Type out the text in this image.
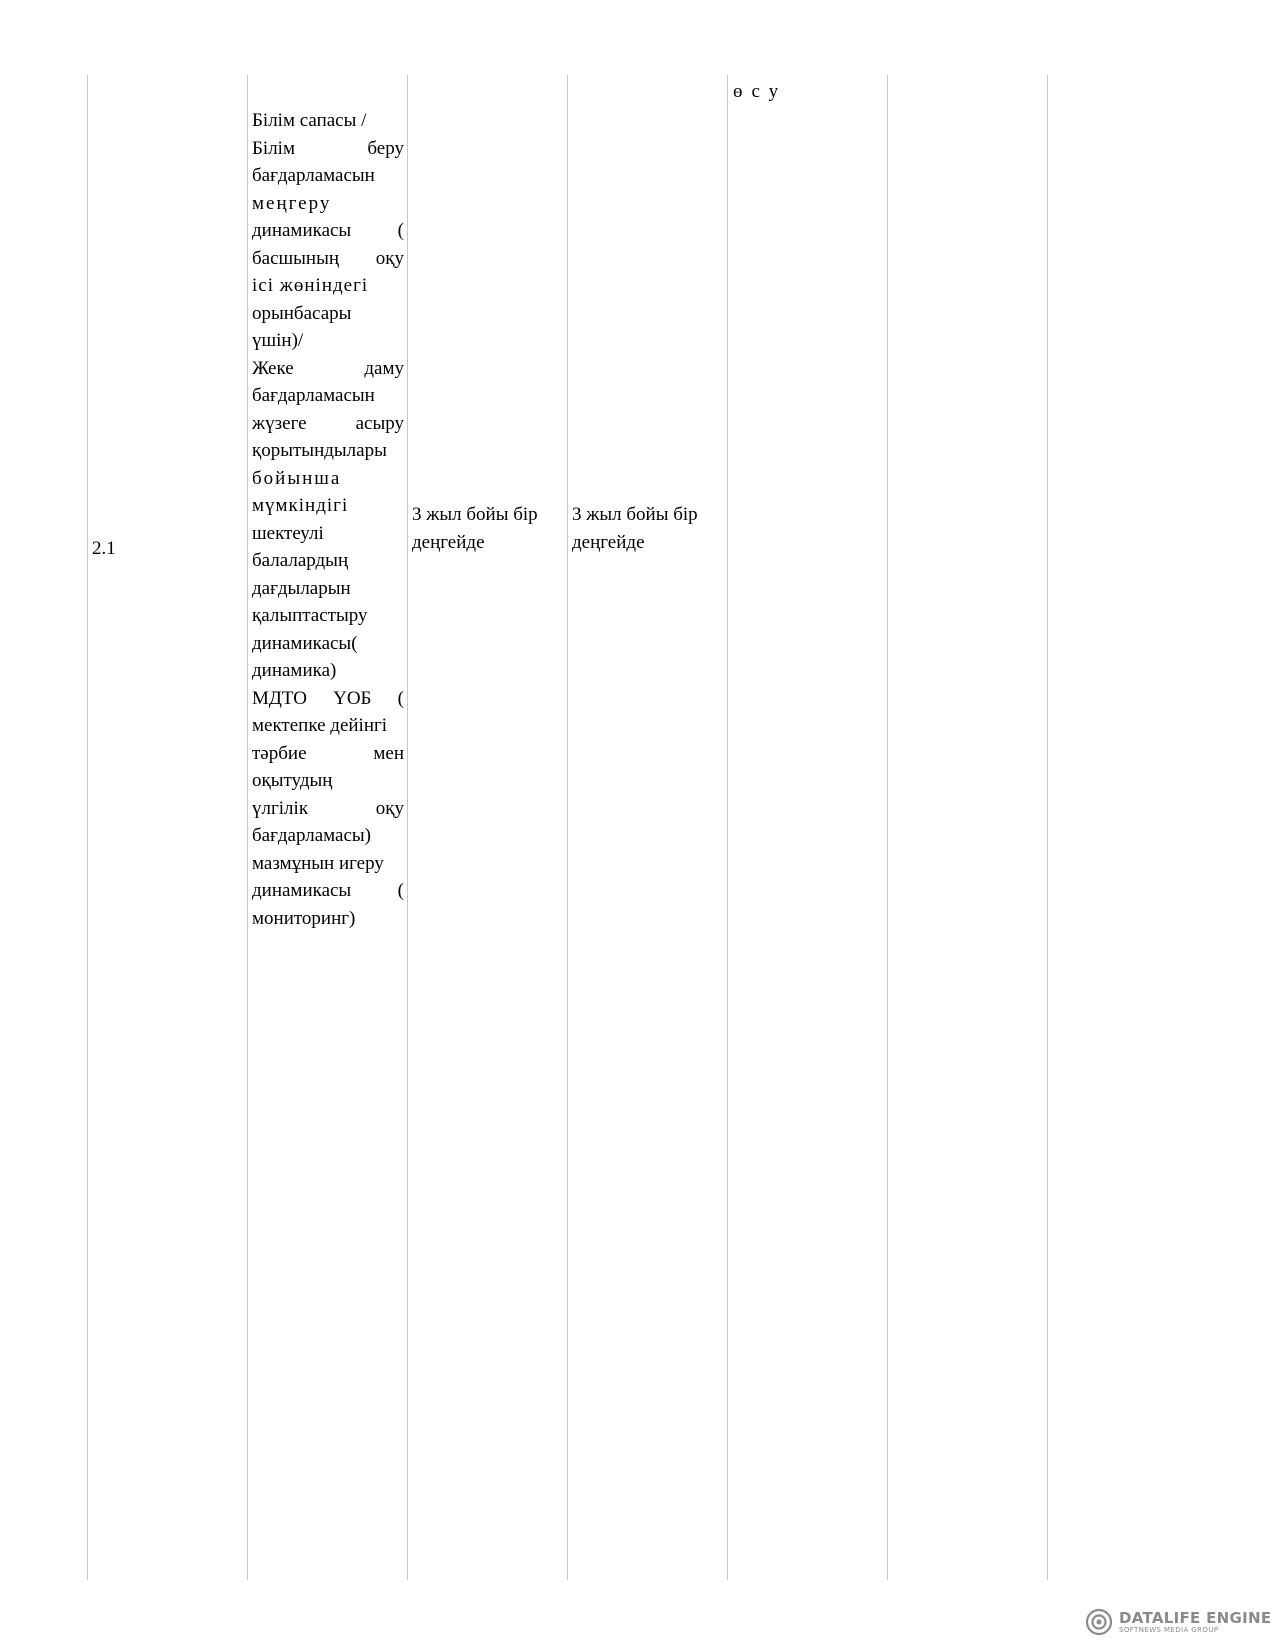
2.1
Білім сапасы /
Білім беру
бағдарламасын
меңгеру
динамикасы (
басшының оқу
ісі жөніндегі
орынбасары
үшін)/
Жеке даму
бағдарламасын
жүзеге асыру
қорытындылары
бойынша
мүмкіндігі
шектеулі
балалардың
дағдыларын
қалыптастыру
динамикасы(
динамика)
МДТО ҮОБ (
мектепке дейінгі
тәрбие мен
оқытудың
үлгілік оқу
бағдарламасы)
мазмұнын игеру
динамикасы (
мониторинг)
3 жыл бойы бір деңгейде
3 жыл бойы бір деңгейде
өсу
DATALIFE ENGINE
SOFTNEWS MEDIA GROUP
